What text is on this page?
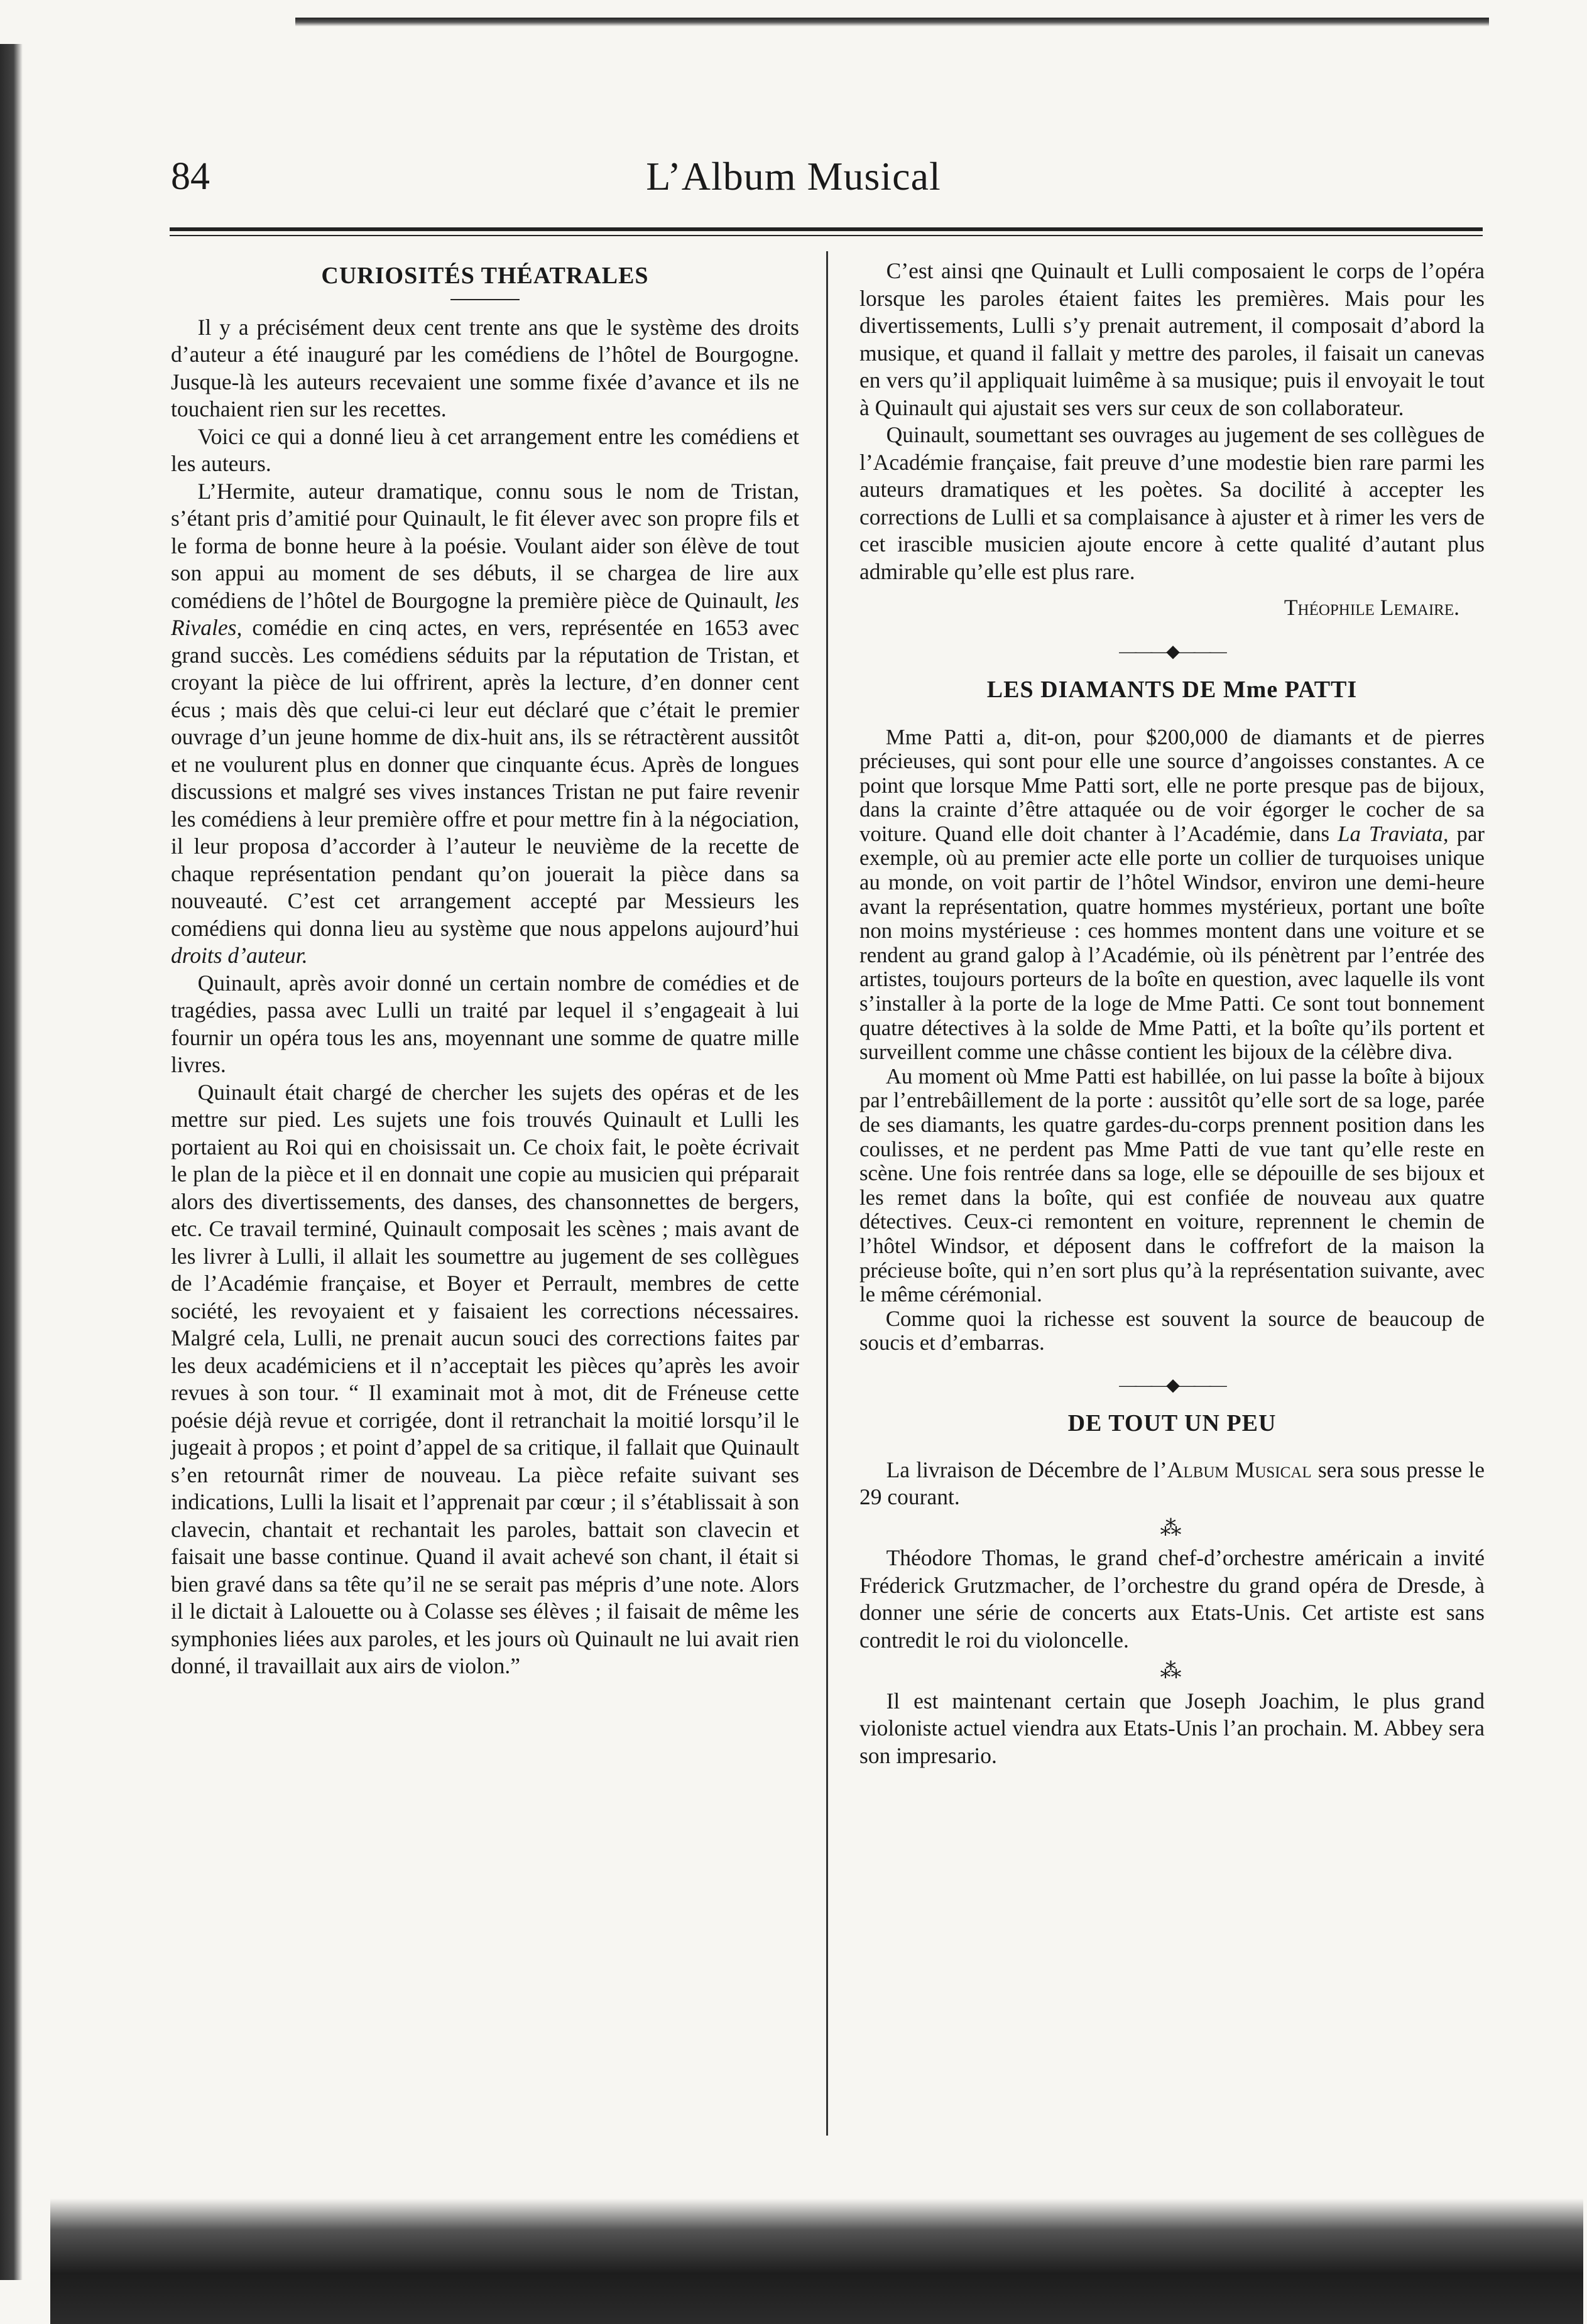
84	L’Album Musical
CURIOSITÉS THÉATRALES

Il y a précisément deux cent trente ans que le système des droits d’auteur a été inauguré par les comédiens de l’hôtel de Bourgogne. Jusque-là les auteurs recevaient une somme fixée d’avance et ils ne touchaient rien sur les recettes.

Voici ce qui a donné lieu à cet arrangement entre les comédiens et les auteurs.

L’Hermite, auteur dramatique, connu sous le nom de Tristan, s’étant pris d’amitié pour Quinault, le fit élever avec son propre fils et le forma de bonne heure à la poésie. Voulant aider son élève de tout son appui au moment de ses débuts, il se chargea de lire aux comédiens de l’hôtel de Bourgogne la première pièce de Quinault, les Rivales, comédie en cinq actes, en vers, représentée en 1653 avec grand succès. Les comédiens séduits par la réputation de Tristan, et croyant la pièce de lui offrirent, après la lecture, d’en donner cent écus ; mais dès que celui-ci leur eut déclaré que c’était le premier ouvrage d’un jeune homme de dix-huit ans, ils se rétractèrent aussitôt et ne voulurent plus en donner que cinquante écus. Après de longues discussions et malgré ses vives instances Tristan ne put faire revenir les comédiens à leur première offre et pour mettre fin à la négociation, il leur proposa d’accorder à l’auteur le neuvième de la recette de chaque représentation pendant qu’on jouerait la pièce dans sa nouveauté. C’est cet arrangement accepté par Messieurs les comédiens qui donna lieu au système que nous appelons aujourd’hui droits d’auteur.

Quinault, après avoir donné un certain nombre de comédies et de tragédies, passa avec Lulli un traité par lequel il s’engageait à lui fournir un opéra tous les ans, moyennant une somme de quatre mille livres.

Quinault était chargé de chercher les sujets des opéras et de les mettre sur pied. Les sujets une fois trouvés Quinault et Lulli les portaient au Roi qui en choisissait un. Ce choix fait, le poète écrivait le plan de la pièce et il en donnait une copie au musicien qui préparait alors des divertissements, des danses, des chansonnettes de bergers, etc. Ce travail terminé, Quinault composait les scènes ; mais avant de les livrer à Lulli, il allait les soumettre au jugement de ses collègues de l’Académie française, et Boyer et Perrault, membres de cette société, les revoyaient et y faisaient les corrections nécessaires. Malgré cela, Lulli, ne prenait aucun souci des corrections faites par les deux académiciens et il n’acceptait les pièces qu’après les avoir revues à son tour. “ Il examinait mot à mot, dit de Fréneuse cette poésie déjà revue et corrigée, dont il retranchait la moitié lorsqu’il le jugeait à propos ; et point d’appel de sa critique, il fallait que Quinault s’en retournât rimer de nouveau. La pièce refaite suivant ses indications, Lulli la lisait et l’apprenait par cœur ; il s’établissait à son clavecin, chantait et rechantait les paroles, battait son clavecin et faisait une basse continue. Quand il avait achevé son chant, il était si bien gravé dans sa tête qu’il ne se serait pas mépris d’une note. Alors il le dictait à Lalouette ou à Colasse ses élèves ; il faisait de même les symphonies liées aux paroles, et les jours où Quinault ne lui avait rien donné, il travaillait aux airs de violon.”

C’est ainsi qne Quinault et Lulli composaient le corps de l’opéra lorsque les paroles étaient faites les premières. Mais pour les divertissements, Lulli s’y prenait autrement, il composait d’abord la musique, et quand il fallait y mettre des paroles, il faisait un canevas en vers qu’il appliquait luimême à sa musique; puis il envoyait le tout à Quinault qui ajustait ses vers sur ceux de son collaborateur.

Quinault, soumettant ses ouvrages au jugement de ses collègues de l’Académie française, fait preuve d’une modestie bien rare parmi les auteurs dramatiques et les poètes. Sa docilité à accepter les corrections de Lulli et sa complaisance à ajuster et à rimer les vers de cet irascible musicien ajoute encore à cette qualité d’autant plus admirable qu’elle est plus rare.

Théophile Lemaire.
———◆———
LES DIAMANTS DE Mme PATTI

Mme Patti a, dit-on, pour $200,000 de diamants et de pierres précieuses, qui sont pour elle une source d’angoisses constantes. A ce point que lorsque Mme Patti sort, elle ne porte presque pas de bijoux, dans la crainte d’être attaquée ou de voir égorger le cocher de sa voiture. Quand elle doit chanter à l’Académie, dans La Traviata, par exemple, où au premier acte elle porte un collier de turquoises unique au monde, on voit partir de l’hôtel Windsor, environ une demi-heure avant la représentation, quatre hommes mystérieux, portant une boîte non moins mystérieuse : ces hommes montent dans une voiture et se rendent au grand galop à l’Académie, où ils pénètrent par l’entrée des artistes, toujours porteurs de la boîte en question, avec laquelle ils vont s’installer à la porte de la loge de Mme Patti. Ce sont tout bonnement quatre détectives à la solde de Mme Patti, et la boîte qu’ils portent et surveillent comme une châsse contient les bijoux de la célèbre diva.

Au moment où Mme Patti est habillée, on lui passe la boîte à bijoux par l’entrebâillement de la porte : aussitôt qu’elle sort de sa loge, parée de ses diamants, les quatre gardes-du-corps prennent position dans les coulisses, et ne perdent pas Mme Patti de vue tant qu’elle reste en scène. Une fois rentrée dans sa loge, elle se dépouille de ses bijoux et les remet dans la boîte, qui est confiée de nouveau aux quatre détectives. Ceux-ci remontent en voiture, reprennent le chemin de l’hôtel Windsor, et déposent dans le coffrefort de la maison la précieuse boîte, qui n’en sort plus qu’à la représentation suivante, avec le même cérémonial.

Comme quoi la richesse est souvent la source de beaucoup de soucis et d’embarras.

———◆———
DE TOUT UN PEU

La livraison de Décembre de l’Album Musical sera sous presse le 29 courant.

⁂

Théodore Thomas, le grand chef-d’orchestre américain a invité Fréderick Grutzmacher, de l’orchestre du grand opéra de Dresde, à donner une série de concerts aux Etats-Unis. Cet artiste est sans contredit le roi du violoncelle.

⁂

Il est maintenant certain que Joseph Joachim, le plus grand violoniste actuel viendra aux Etats-Unis l’an prochain. M. Abbey sera son impresario.
